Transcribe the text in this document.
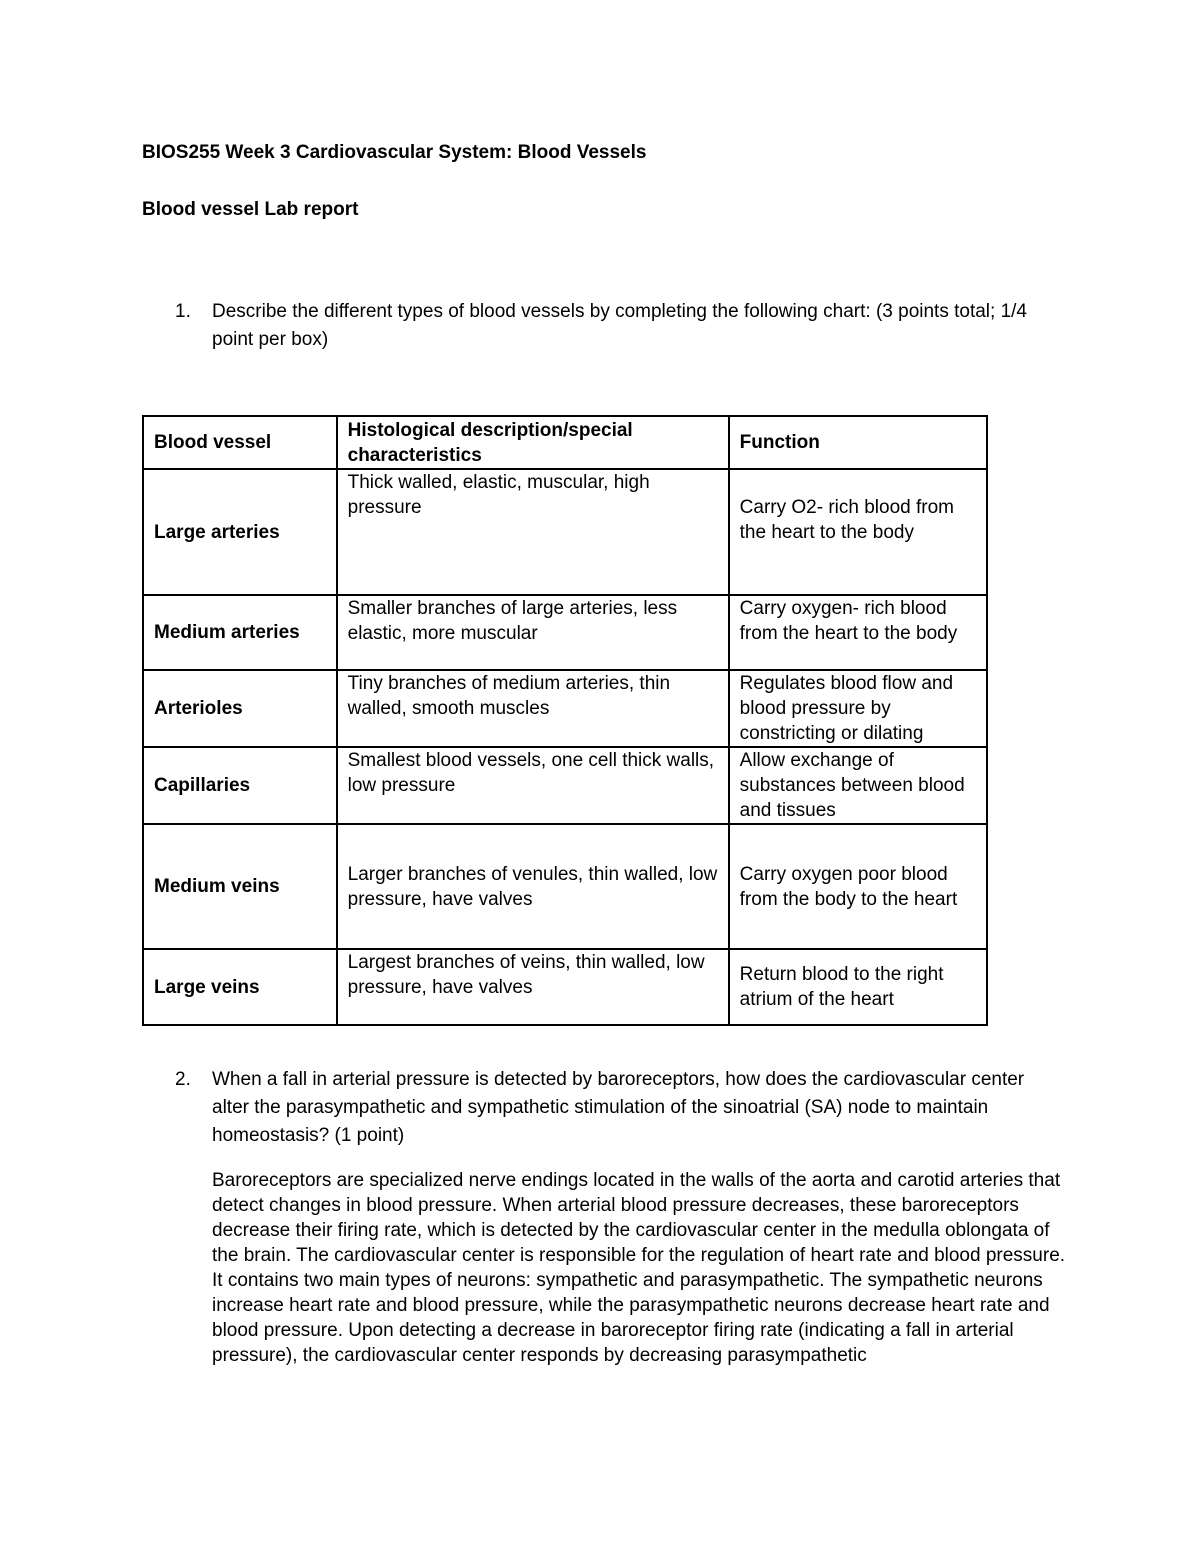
BIOS255 Week 3 Cardiovascular System: Blood Vessels
Blood vessel Lab report
1. Describe the different types of blood vessels by completing the following chart: (3 points total; 1/4 point per box)
Blood vessel	Histological description/special characteristics	Function
Large arteries	Thick walled, elastic, muscular, high pressure	Carry O2- rich blood from the heart to the body

Medium arteries	Smaller branches of large arteries, less elastic, more muscular	Carry oxygen- rich blood from the heart to the body
Arterioles	Tiny branches of medium arteries, thin walled, smooth muscles	Regulates blood flow and blood pressure by constricting or dilating
Capillaries	Smallest blood vessels, one cell thick walls, low pressure	Allow exchange of substances between blood and tissues
Medium veins	Larger branches of venules, thin walled, low pressure, have valves	Carry oxygen poor blood from the body to the heart
Large veins	Largest branches of veins, thin walled, low pressure, have valves	Return blood to the right atrium of the heart
2. When a fall in arterial pressure is detected by baroreceptors, how does the cardiovascular center alter the parasympathetic and sympathetic stimulation of the sinoatrial (SA) node to maintain homeostasis? (1 point)
Baroreceptors are specialized nerve endings located in the walls of the aorta and carotid arteries that detect changes in blood pressure. When arterial blood pressure decreases, these baroreceptors decrease their firing rate, which is detected by the cardiovascular center in the medulla oblongata of the brain. The cardiovascular center is responsible for the regulation of heart rate and blood pressure. It contains two main types of neurons: sympathetic and parasympathetic. The sympathetic neurons increase heart rate and blood pressure, while the parasympathetic neurons decrease heart rate and blood pressure. Upon detecting a decrease in baroreceptor firing rate (indicating a fall in arterial pressure), the cardiovascular center responds by decreasing parasympathetic
